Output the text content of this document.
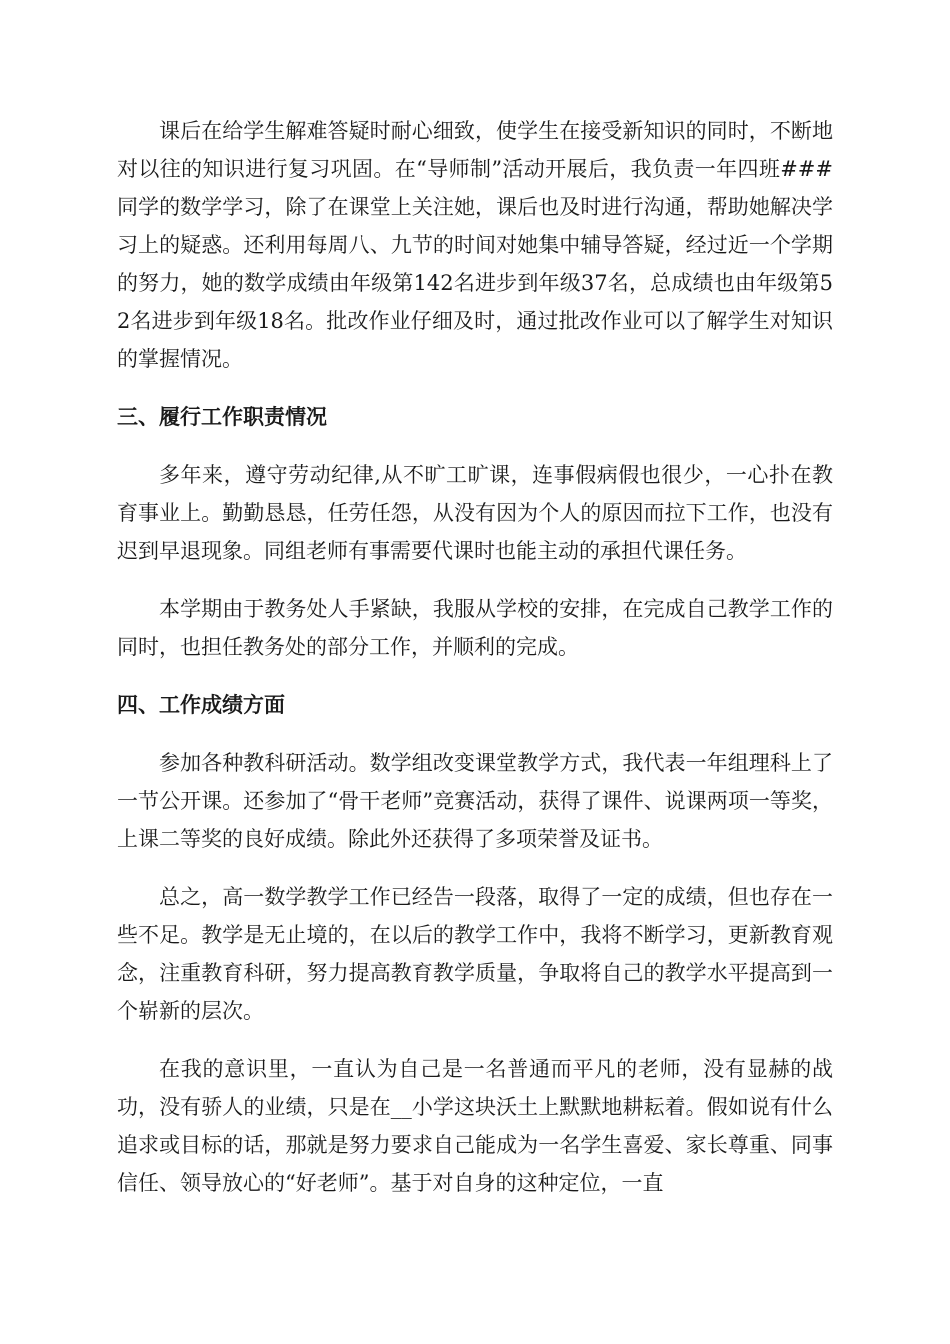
课后在给学生解难答疑时耐心细致，使学生在接受新知识的同时，不断地对以往的知识进行复习巩固。在“导师制”活动开展后，我负责一年四班###同学的数学学习，除了在课堂上关注她，课后也及时进行沟通，帮助她解决学习上的疑惑。还利用每周八、九节的时间对她集中辅导答疑，经过近一个学期的努力，她的数学成绩由年级第142名进步到年级37名，总成绩也由年级第52名进步到年级18名。批改作业仔细及时，通过批改作业可以了解学生对知识的掌握情况。

三、履行工作职责情况

多年来，遵守劳动纪律,从不旷工旷课，连事假病假也很少，一心扑在教育事业上。勤勤恳恳，任劳任怨，从没有因为个人的原因而拉下工作，也没有迟到早退现象。同组老师有事需要代课时也能主动的承担代课任务。

本学期由于教务处人手紧缺，我服从学校的安排，在完成自己教学工作的同时，也担任教务处的部分工作，并顺利的完成。

四、工作成绩方面

参加各种教科研活动。数学组改变课堂教学方式，我代表一年组理科上了一节公开课。还参加了“骨干老师”竞赛活动，获得了课件、说课两项一等奖，上课二等奖的良好成绩。除此外还获得了多项荣誉及证书。

总之，高一数学教学工作已经告一段落，取得了一定的成绩，但也存在一些不足。教学是无止境的，在以后的教学工作中，我将不断学习，更新教育观念，注重教育科研，努力提高教育教学质量，争取将自己的教学水平提高到一个崭新的层次。

在我的意识里，一直认为自己是一名普通而平凡的老师，没有显赫的战功，没有骄人的业绩，只是在__小学这块沃土上默默地耕耘着。假如说有什么追求或目标的话，那就是努力要求自己能成为一名学生喜爱、家长尊重、同事信任、领导放心的“好老师”。基于对自身的这种定位，一直
